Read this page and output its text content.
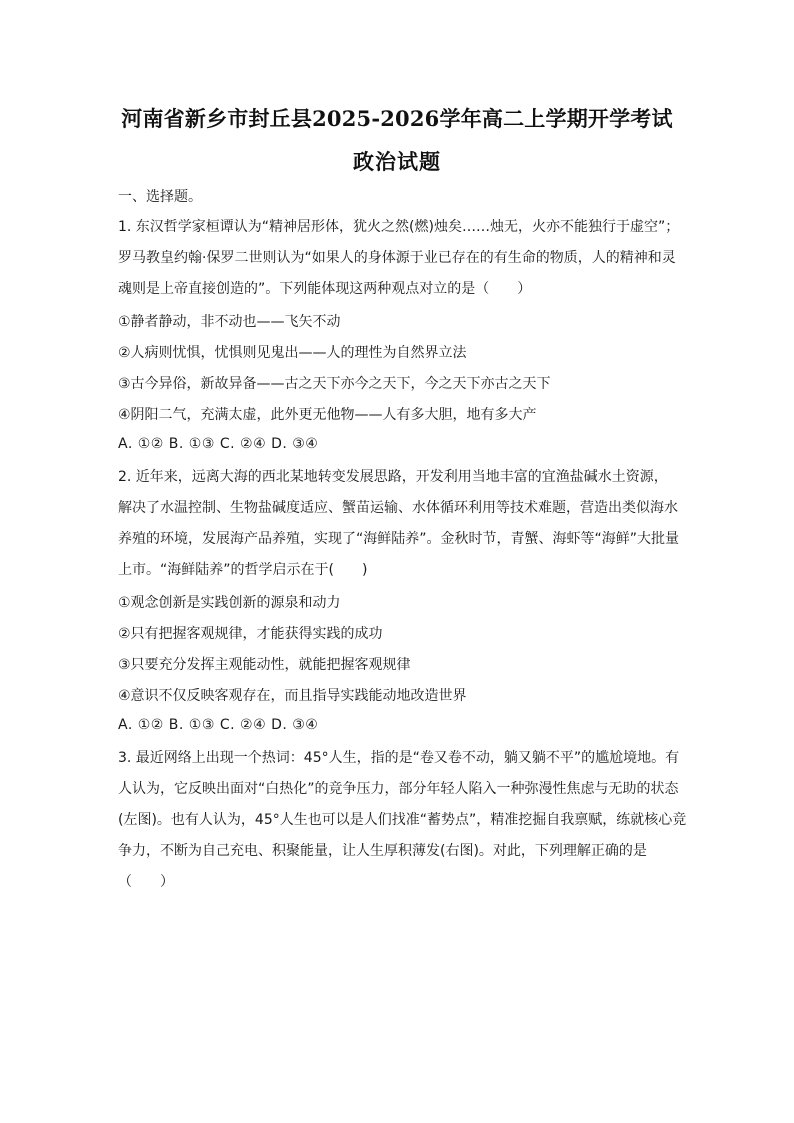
河南省新乡市封丘县2025-2026学年高二上学期开学考试
政治试题
一、选择题。
1. 东汉哲学家桓谭认为“精神居形体，犹火之然(燃)烛矣……烛无，火亦不能独行于虚空”；
罗马教皇约翰·保罗二世则认为“如果人的身体源于业已存在的有生命的物质，人的精神和灵
魂则是上帝直接创造的”。下列能体现这两种观点对立的是（　　）
①静者静动，非不动也——飞矢不动
②人病则忧惧，忧惧则见鬼出——人的理性为自然界立法
③古今异俗，新故异备——古之天下亦今之天下，今之天下亦古之天下
④阴阳二气，充满太虚，此外更无他物——人有多大胆，地有多大产
A. ①② B. ①③ C. ②④ D. ③④
2. 近年来，远离大海的西北某地转变发展思路，开发利用当地丰富的宜渔盐碱水土资源，
解决了水温控制、生物盐碱度适应、蟹苗运输、水体循环利用等技术难题，营造出类似海水
养殖的环境，发展海产品养殖，实现了“海鲜陆养”。金秋时节，青蟹、海虾等“海鲜”大批量
上市。“海鲜陆养”的哲学启示在于(　　)
①观念创新是实践创新的源泉和动力
②只有把握客观规律，才能获得实践的成功
③只要充分发挥主观能动性，就能把握客观规律
④意识不仅反映客观存在，而且指导实践能动地改造世界
A. ①② B. ①③ C. ②④ D. ③④
3. 最近网络上出现一个热词：45°人生，指的是“卷又卷不动，躺又躺不平”的尴尬境地。有
人认为，它反映出面对“白热化”的竞争压力，部分年轻人陷入一种弥漫性焦虑与无助的状态
(左图)。也有人认为，45°人生也可以是人们找准“蓄势点”，精准挖掘自我禀赋，练就核心竞
争力，不断为自己充电、积聚能量，让人生厚积薄发(右图)。对此，下列理解正确的是
（　　）
